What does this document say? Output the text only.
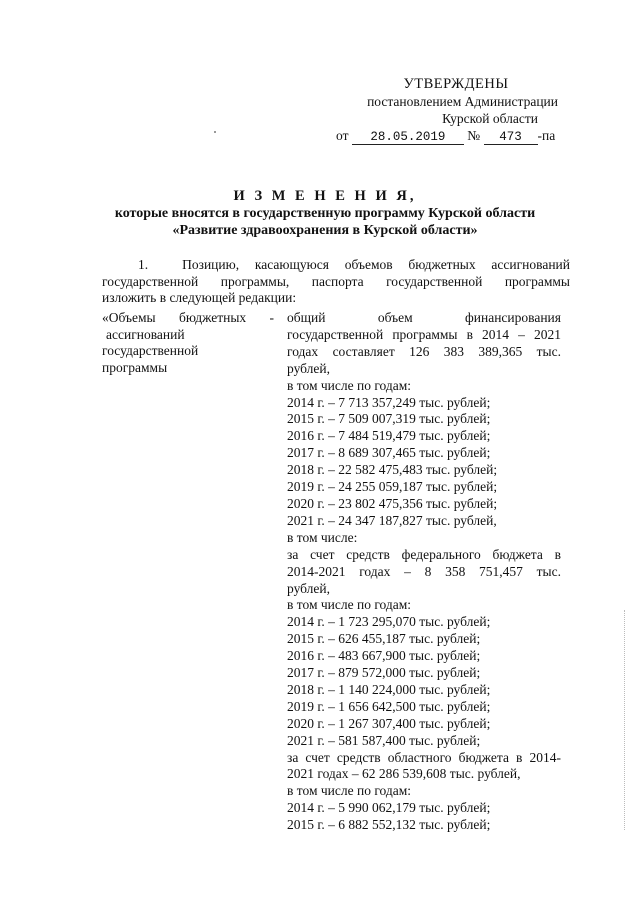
УТВЕРЖДЕНЫ
постановлением Администрации
Курской области
от 28.05.2019 № 473 -па
И З М Е Н Е Н И Я,
которые вносятся в государственную программу Курской области
«Развитие здравоохранения в Курской области»
1.	Позицию, касающуюся объемов бюджетных ассигнований
государственной программы, паспорта государственной программы
изложить в следующей редакции:
«Объемы бюджетных -
ассигнований
государственной
программы
общий объем финансирования
государственной программы в 2014 – 2021
годах составляет 126 383 389,365 тыс.
рублей,
в том числе по годам:
2014 г. – 7 713 357,249 тыс. рублей;
2015 г. – 7 509 007,319 тыс. рублей;
2016 г. – 7 484 519,479 тыс. рублей;
2017 г. – 8 689 307,465 тыс. рублей;
2018 г. – 22 582 475,483 тыс. рублей;
2019 г. – 24 255 059,187 тыс. рублей;
2020 г. – 23 802 475,356 тыс. рублей;
2021 г. – 24 347 187,827 тыс. рублей,
в том числе:
за счет средств федерального бюджета в
2014-2021 годах – 8 358 751,457 тыс.
рублей,
в том числе по годам:
2014 г. – 1 723 295,070 тыс. рублей;
2015 г. – 626 455,187 тыс. рублей;
2016 г. – 483 667,900 тыс. рублей;
2017 г. – 879 572,000 тыс. рублей;
2018 г. – 1 140 224,000 тыс. рублей;
2019 г. – 1 656 642,500 тыс. рублей;
2020 г. – 1 267 307,400 тыс. рублей;
2021 г. – 581 587,400 тыс. рублей;
за счет средств областного бюджета в 2014-
2021 годах – 62 286 539,608 тыс. рублей,
в том числе по годам:
2014 г. – 5 990 062,179 тыс. рублей;
2015 г. – 6 882 552,132 тыс. рублей;
